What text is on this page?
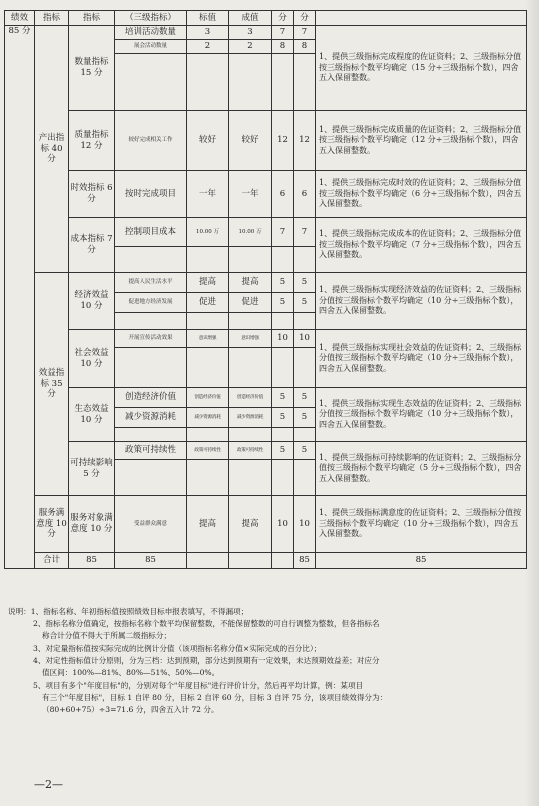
绩效	指标	指标	（三级指标）	标值	成值	分	分		
85 分	产出指标 40 分	数量指标 15 分	培训活动数量	3	3	7	7	1、提供三级指标完成程度的佐证资料；2、三级指标分值按三级指标个数平均确定（15 分÷三级指标个数），四舍五入保留整数。	
			展会活动数量	2	2	8	8		

		质量指标 12 分	较好完成相关工作	较好	较好	12	12	1、提供三级指标完成质量的佐证资料；2、三级指标分值按三级指标个数平均确定（12 分÷三级指标个数），四舍五入保留整数。	
		时效指标 6 分	按时完成项目	一年	一年	6	6	1、提供三级指标完成时效的佐证资料；2、三级指标分值按三级指标个数平均确定（6 分÷三级指标个数），四舍五入保留整数。	
		成本指标 7 分	控制项目成本	10.00 万	10.00 万	7	7	1、提供三级指标完成成本的佐证资料；2、三级指标分值按三级指标个数平均确定（7 分÷三级指标个数），四舍五入保留整数。	

	效益指标 35 分	经济效益 10 分	提高人民生活水平	提高	提高	5	5	1、提供三级指标实现经济效益的佐证资料；2、三级指标分值按三级指标个数平均确定（10 分÷三级指标个数），四舍五入保留整数。	
			促进地方经济发展	促进	促进	5	5		

		社会效益 10 分	开展宣传活动效果	意识增强	意识增强	10	10	1、提供三级指标实现社会效益的佐证资料；2、三级指标分值按三级指标个数平均确定（10 分÷三级指标个数），四舍五入保留整数。	

		生态效益 10 分	创造经济价值	创造经济价值	创造经济价值	5	5	1、提供三级指标实现生态效益的佐证资料；2、三级指标分值按三级指标个数平均确定（10 分÷三级指标个数），四舍五入保留整数。	
			减少资源消耗	减少资源消耗	减少资源消耗	5	5		

		可持续影响 5 分	政策可持续性	政策可持续性	政策可持续性	5	5	1、提供三级指标可持续影响的佐证资料；2、三级指标分值按三级指标个数平均确定（5 分÷三级指标个数），四舍五入保留整数。	

	服务满意度 10 分	服务对象满意度 10 分	受益群众满意	提高	提高	10	10	1、提供三级指标满意度的佐证资料；2、三级指标分值按三级指标个数平均确定（10 分÷三级指标个数），四舍五入保留整数。	
	合计	85	85				85	85	
说明：1、指标名称、年初指标值按照绩效目标申报表填写，不得漏项；
2、指标名称分值确定，按指标名称个数平均保留整数，不能保留整数的可自行调整为整数，但各指标名
称合计分值不得大于所属二级指标分；
3、对定量指标值按实际完成的比例计分值（该项指标名称分值×实际完成的百分比）；
4、对定性指标值计分原则，分为三档：达到预期，部分达到预期有一定效果，未达预期效益差；对应分
值区间：100%—81%、80%—51%、50%—0%。
5、项目有多个"年度目标"的，分别对每个"年度目标"进行评价计分，然后再平均计算，例：某项目
有三个"年度目标"，目标 1 自评 80 分，目标 2 自评 60 分，目标 3 自评 75 分，该项目绩效得分为：
（80+60+75）÷3=71.6 分，四舍五入计 72 分。
—2—
